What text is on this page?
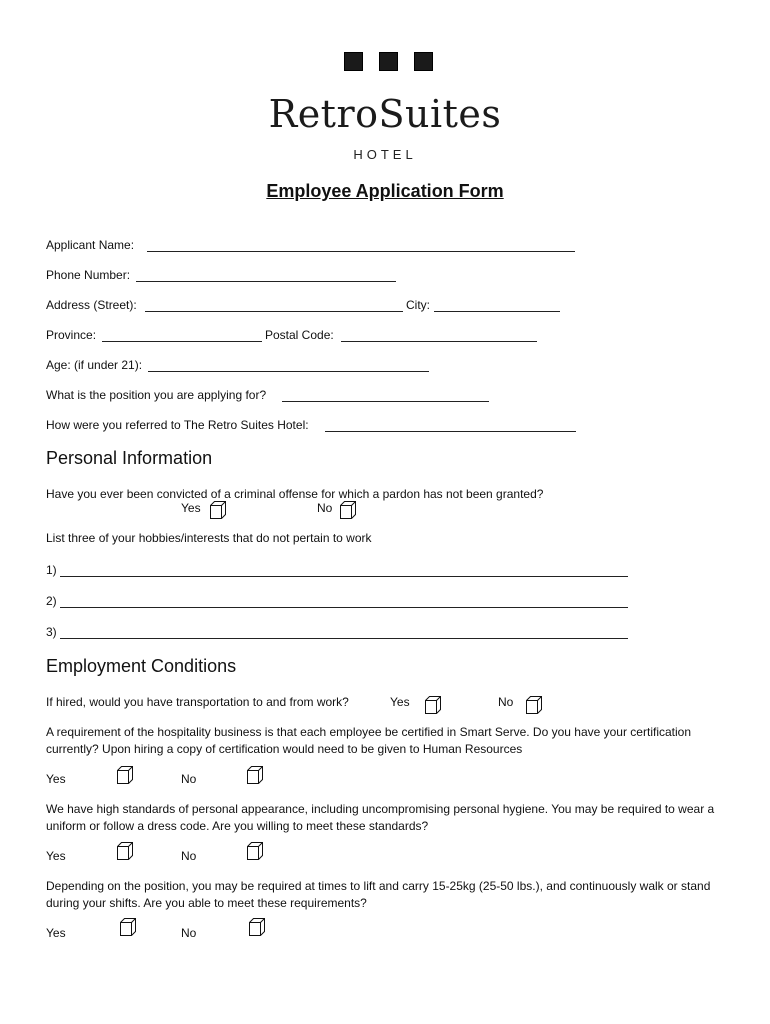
RetroSuites
HOTEL
Employee Application Form
Applicant Name:
Phone Number:
Address (Street):	City:
Province:	Postal Code:
Age: (if under 21):
What is the position you are applying for?
How were you referred to The Retro Suites Hotel:
Personal Information
Have you ever been convicted of a criminal offense for which a pardon has not been granted?
Yes	No
List three of your hobbies/interests that do not pertain to work
1)
2)
3)
Employment Conditions
If hired, would you have transportation to and from work?	Yes	No
A requirement of the hospitality business is that each employee be certified in Smart Serve. Do you have your certification currently? Upon hiring a copy of certification would need to be given to Human Resources
Yes	No
We have high standards of personal appearance, including uncompromising personal hygiene. You may be required to wear a uniform or follow a dress code. Are you willing to meet these standards?
Yes	No
Depending on the position, you may be required at times to lift and carry 15-25kg (25-50 lbs.), and continuously walk or stand during your shifts. Are you able to meet these requirements?
Yes	No
